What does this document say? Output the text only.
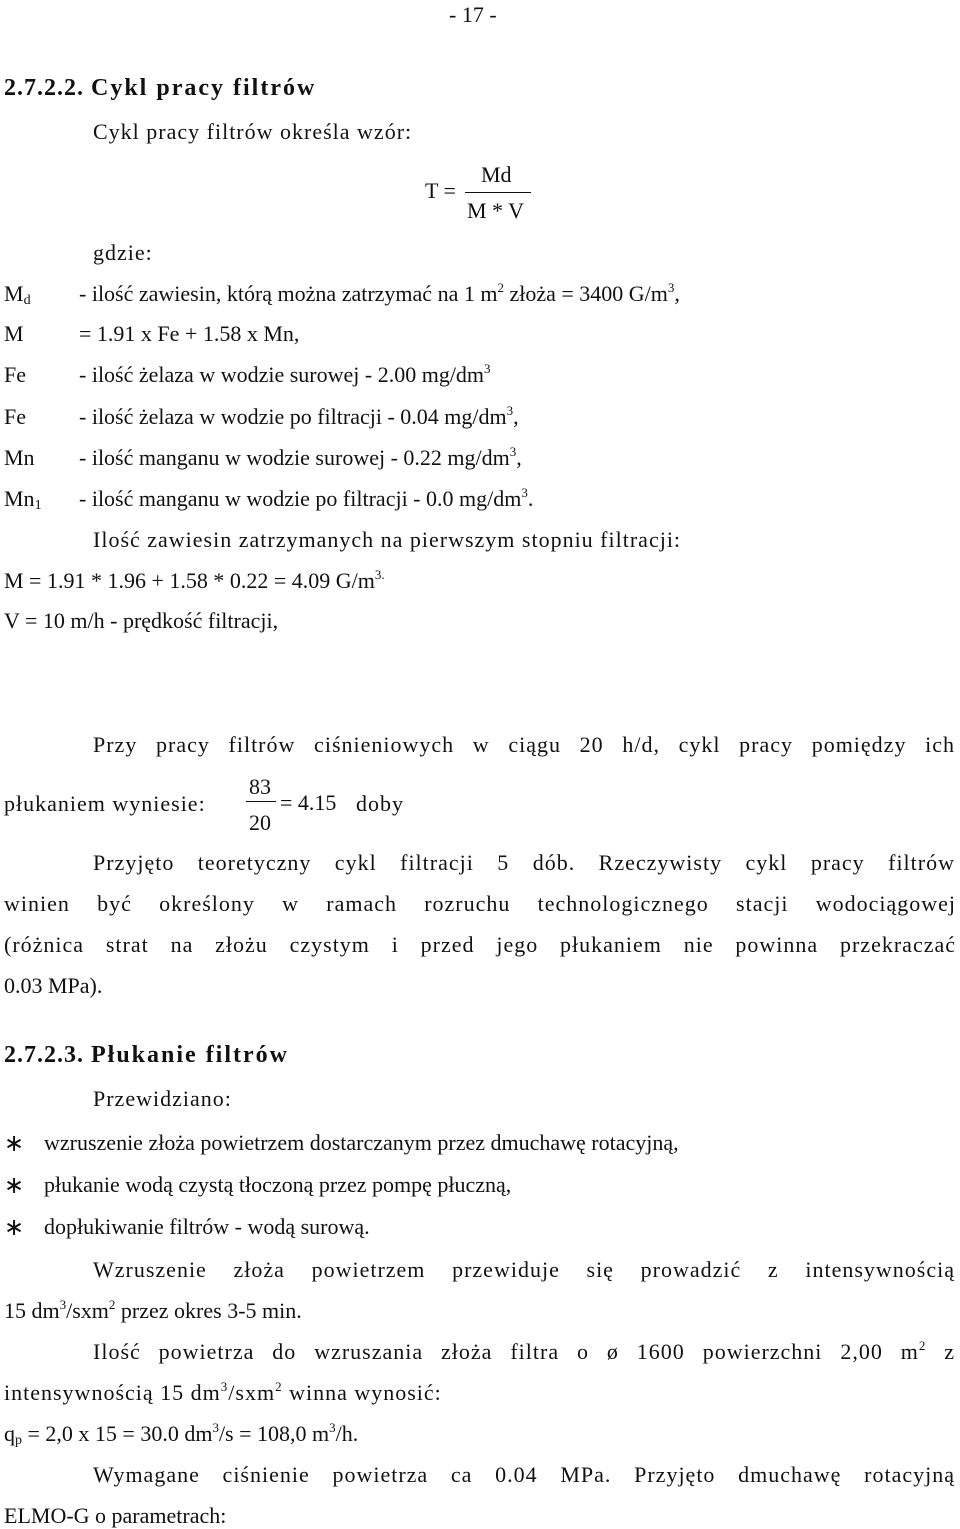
- 17 -
2.7.2.2. Cykl pracy filtrów
Cykl pracy filtrów określa wzór:
T =
Md
M * V
gdzie:
$M_d$ - ilość zawiesin, którą można zatrzymać na 1 $m^2$ złoża = 3400 $G/m^3$,
M	= 1.91 x Fe + 1.58 x Mn,
Fe - ilość żelaza w wodzie surowej - 2.00 $mg/dm^3$
Fe - ilość żelaza w wodzie po filtracji - 0.04 $mg/dm^3$,
Mn - ilość manganu w wodzie surowej - 0.22 $mg/dm^3$,
$Mn_1$ - ilość manganu w wodzie po filtracji - 0.0 $mg/dm^3$.
Ilość zawiesin zatrzymanych na pierwszym stopniu filtracji:
M = 1.91 * 1.96 + 1.58 * 0.22 = 4.09 $G/m^{3.}$
V = 10 m/h - prędkość filtracji,
Przy pracy filtrów ciśnieniowych w ciągu 20 h/d, cykl pracy pomiędzy ich
płukaniem wyniesie:
83
20
= 4.15 doby
Przyjęto teoretyczny cykl filtracji 5 dób. Rzeczywisty cykl pracy filtrów
winien być określony w ramach rozruchu technologicznego stacji wodociągowej
(różnica strat na złożu czystym i przed jego płukaniem nie powinna przekraczać
0.03 MPa).
2.7.2.3. Płukanie filtrów
Przewidziano:
∗ wzruszenie złoża powietrzem dostarczanym przez dmuchawę rotacyjną,
∗ płukanie wodą czystą tłoczoną przez pompę płuczną,
∗ dopłukiwanie filtrów - wodą surową.
Wzruszenie złoża powietrzem przewiduje się prowadzić z intensywnością
15 $dm^3/sxm^2$ przez okres 3-5 min.
Ilość powietrza do wzruszania złoża filtra o ø 1600 powierzchni 2,00 $m^2$ z
intensywnością 15 $dm^3/sxm^2$ winna wynosić:
$q_p = 2,0$ x 15 = 30.0 $dm^3/s = 108,0$ $m^3/h$.
Wymagane ciśnienie powietrza ca 0.04 MPa. Przyjęto dmuchawę rotacyjną
ELMO-G o parametrach:
